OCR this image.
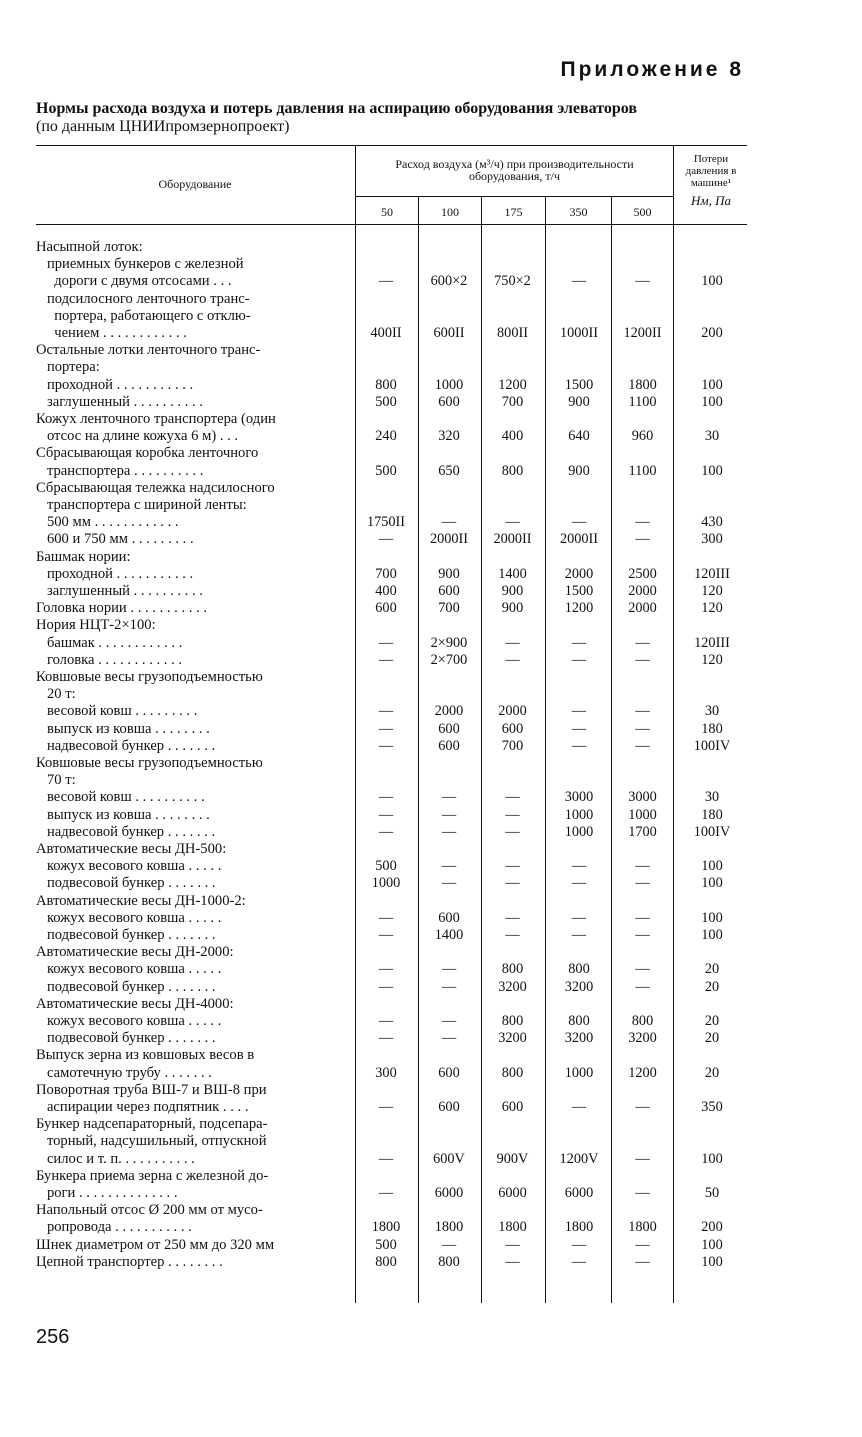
Приложение 8
Нормы расхода воздуха и потерь давления на аспирацию оборудования элеваторов
(по данным ЦНИИпромзернопроект)
Оборудование
Расход воздуха (м³/ч) при производительности оборудования, т/ч
50	100	175	350	500
Потери давления в машине¹
Hм, Па
Насыпной лоток:
приемных бункеров с железной
дороги с двумя отсосами . . .	—	600×2	750×2	—	—	100
подсилосного ленточного транс-
портера, работающего с отклю-
чением . . . . . . . . . . . .	400II	600II	800II	1000II	1200II	200
Остальные лотки ленточного транс-
портера:
проходной . . . . . . . . . . .	800	1000	1200	1500	1800	100
заглушенный . . . . . . . . . .	500	600	700	900	1100	100
Кожух ленточного транспортера (один
отсос на длине кожуха 6 м) . . .	240	320	400	640	960	30
Сбрасывающая коробка ленточного
транспортера . . . . . . . . . .	500	650	800	900	1100	100
Сбрасывающая тележка надсилосного
транспортера с шириной ленты:
500 мм . . . . . . . . . . . .	1750II	—	—	—	—	430
600 и 750 мм . . . . . . . . .	—	2000II	2000II	2000II	—	300
Башмак нории:
проходной . . . . . . . . . . .	700	900	1400	2000	2500	120III
заглушенный . . . . . . . . . .	400	600	900	1500	2000	120
Головка нории . . . . . . . . . . .	600	700	900	1200	2000	120
Нория НЦТ-2×100:
башмак . . . . . . . . . . . .	—	2×900	—	—	—	120III
головка . . . . . . . . . . . .	—	2×700	—	—	—	120
Ковшовые весы грузоподъемностью
20 т:
весовой ковш . . . . . . . . .	—	2000	2000	—	—	30
выпуск из ковша . . . . . . . .	—	600	600	—	—	180
надвесовой бункер . . . . . . .	—	600	700	—	—	100IV
Ковшовые весы грузоподъемностью
70 т:
весовой ковш . . . . . . . . . .	—	—	—	3000	3000	30
выпуск из ковша . . . . . . . .	—	—	—	1000	1000	180
надвесовой бункер . . . . . . .	—	—	—	1000	1700	100IV
Автоматические весы ДН-500:
кожух весового ковша . . . . .	500	—	—	—	—	100
подвесовой бункер . . . . . . .	1000	—	—	—	—	100
Автоматические весы ДН-1000-2:
кожух весового ковша . . . . .	—	600	—	—	—	100
подвесовой бункер . . . . . . .	—	1400	—	—	—	100
Автоматические весы ДН-2000:
кожух весового ковша . . . . .	—	—	800	800	—	20
подвесовой бункер . . . . . . .	—	—	3200	3200	—	20
Автоматические весы ДН-4000:
кожух весового ковша . . . . .	—	—	800	800	800	20
подвесовой бункер . . . . . . .	—	—	3200	3200	3200	20
Выпуск зерна из ковшовых весов в
самотечную трубу . . . . . . .	300	600	800	1000	1200	20
Поворотная труба ВШ-7 и ВШ-8 при
аспирации через подпятник . . . .	—	600	600	—	—	350
Бункер надсепараторный, подсепара-
торный, надсушильный, отпускной
силос и т. п. . . . . . . . . . .	—	600V	900V	1200V	—	100
Бункера приема зерна с железной до-
роги . . . . . . . . . . . . . .	—	6000	6000	6000	—	50
Напольный отсос Ø 200 мм от мусо-
ропровода . . . . . . . . . . .	1800	1800	1800	1800	1800	200
Шнек диаметром от 250 мм до 320 мм	500	—	—	—	—	100
Цепной транспортер . . . . . . . .	800	800	—	—	—	100
256
